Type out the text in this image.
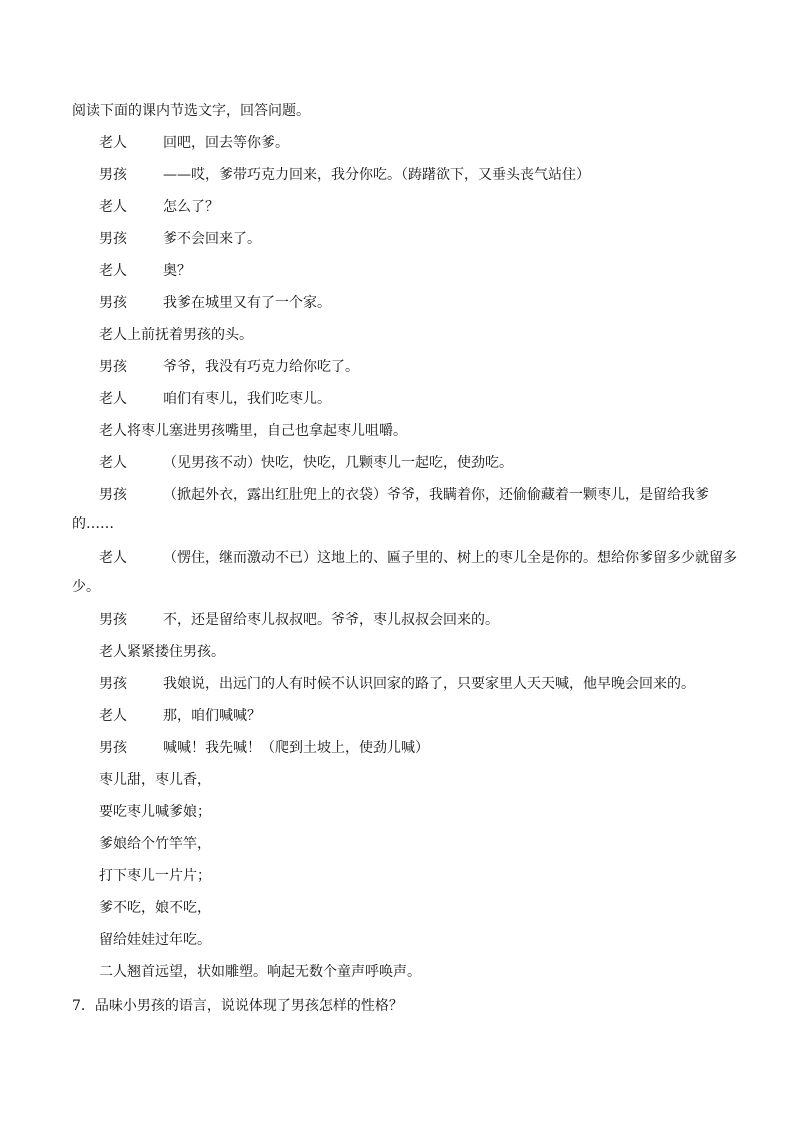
阅读下面的课内节选文字，回答问题。
老人	回吧，回去等你爹。
男孩	——哎，爹带巧克力回来，我分你吃。（踌躇欲下，又垂头丧气站住）
老人	怎么了？
男孩	爹不会回来了。
老人	奥？
男孩	我爹在城里又有了一个家。
老人上前抚着男孩的头。
男孩	爷爷，我没有巧克力给你吃了。
老人	咱们有枣儿，我们吃枣儿。
老人将枣儿塞进男孩嘴里，自己也拿起枣儿咀嚼。
老人	（见男孩不动）快吃，快吃，几颗枣儿一起吃，使劲吃。
男孩	（掀起外衣，露出红肚兜上的衣袋）爷爷，我瞒着你，还偷偷藏着一颗枣儿，是留给我爹
的……
老人	（愣住，继而激动不已）这地上的、匾子里的、树上的枣儿全是你的。想给你爹留多少就留多
少。
男孩	不，还是留给枣儿叔叔吧。爷爷，枣儿叔叔会回来的。
老人紧紧搂住男孩。
男孩	我娘说，出远门的人有时候不认识回家的路了，只要家里人天天喊，他早晚会回来的。
老人	那，咱们喊喊？
男孩	喊喊！我先喊！（爬到土坡上，使劲儿喊）
枣儿甜，枣儿香，
要吃枣儿喊爹娘；
爹娘给个竹竿竿，
打下枣儿一片片；
爹不吃，娘不吃，
留给娃娃过年吃。
二人翘首远望，状如雕塑。响起无数个童声呼唤声。
7．品味小男孩的语言，说说体现了男孩怎样的性格？
